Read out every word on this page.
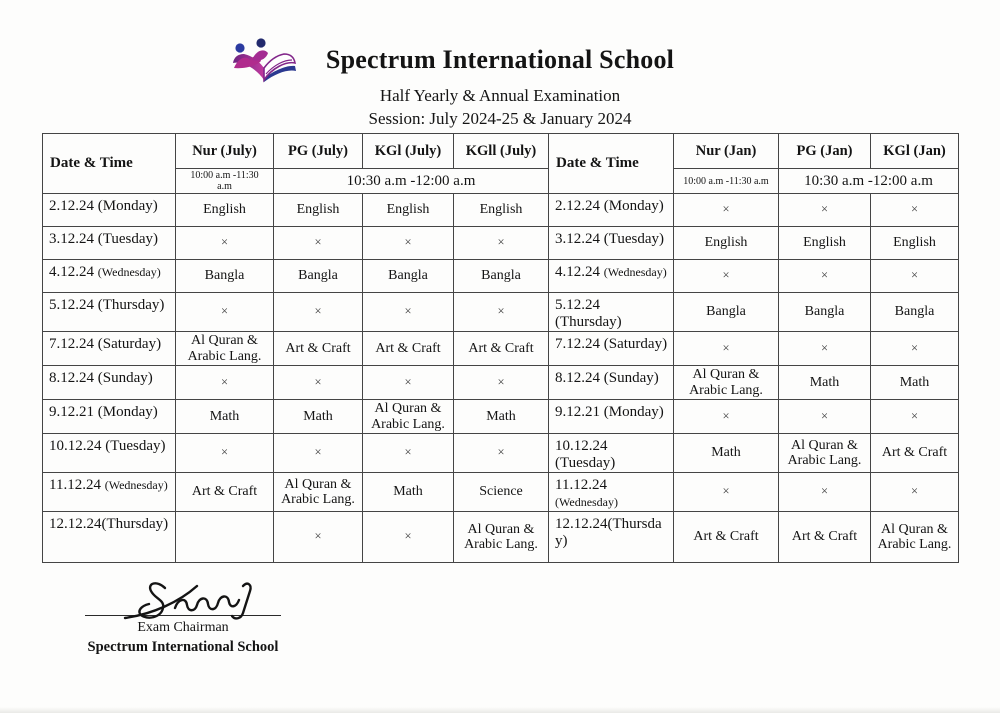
Spectrum International School
Half Yearly & Annual Examination
Session: July 2024-25 & January 2024
Date & Time	Nur (July)	PG (July)	KGl (July)	KGll (July)	Date & Time	Nur (Jan)	PG (Jan)	KGl (Jan)
	10:00 a.m -11:30 a.m	10:30 a.m -12:00 a.m				10:00 a.m -11:30 a.m	10:30 a.m -12:00 a.m	
2.12.24 (Monday)	English	English	English	English	2.12.24 (Monday)	×	×	×
3.12.24 (Tuesday)	×	×	×	×	3.12.24 (Tuesday)	English	English	English
4.12.24 (Wednesday)	Bangla	Bangla	Bangla	Bangla	4.12.24 (Wednesday)	×	×	×
5.12.24 (Thursday)	×	×	×	×	5.12.24 (Thursday)	Bangla	Bangla	Bangla
7.12.24 (Saturday)	Al Quran & Arabic Lang.	Art & Craft	Art & Craft	Art & Craft	7.12.24 (Saturday)	×	×	×
8.12.24 (Sunday)	×	×	×	×	8.12.24 (Sunday)	Al Quran & Arabic Lang.	Math	Math
9.12.21 (Monday)	Math	Math	Al Quran & Arabic Lang.	Math	9.12.21 (Monday)	×	×	×
10.12.24 (Tuesday)	×	×	×	×	10.12.24 (Tuesday)	Math	Al Quran & Arabic Lang.	Art & Craft
11.12.24 (Wednesday)	Art & Craft	Al Quran & Arabic Lang.	Math	Science	11.12.24 (Wednesday)	×	×	×
12.12.24(Thursday)		×	×	Al Quran & Arabic Lang.	12.12.24(Thursday)	Art & Craft	Art & Craft	Al Quran & Arabic Lang.
Exam Chairman
Spectrum International School
